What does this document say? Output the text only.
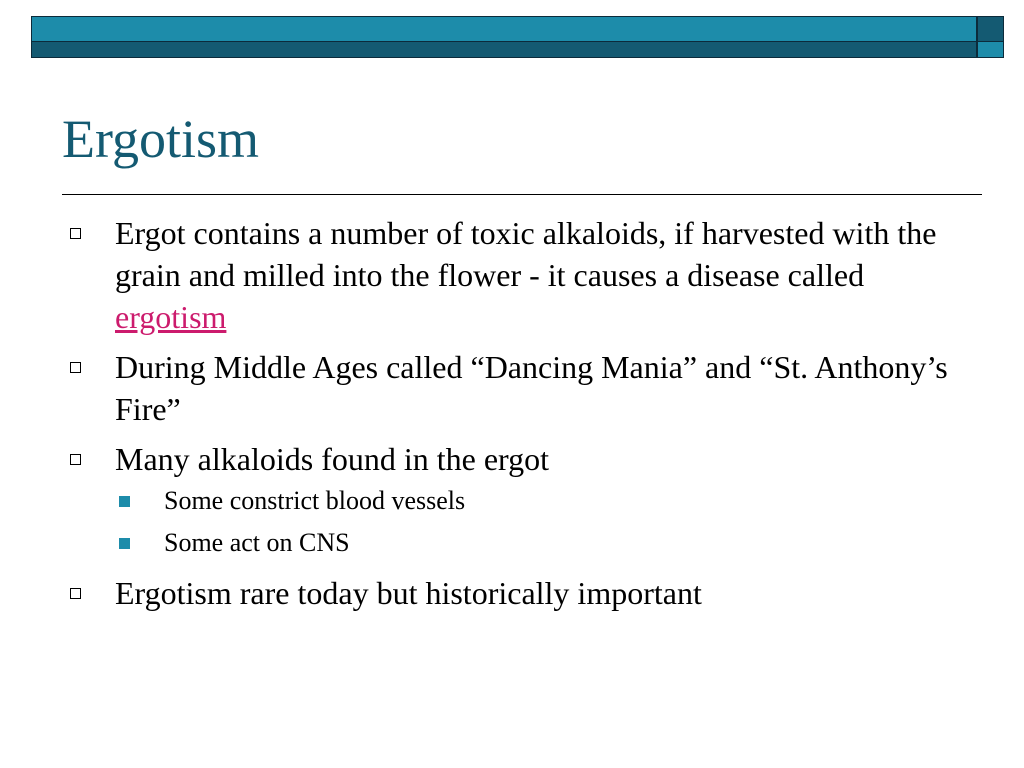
Ergotism
Ergot contains a number of toxic alkaloids, if harvested with the grain and milled into the flower - it causes a disease called ergotism
During Middle Ages called “Dancing Mania” and “St. Anthony’s Fire”
Many alkaloids found in the ergot
Some constrict blood vessels
Some act on CNS
Ergotism rare today but historically important
